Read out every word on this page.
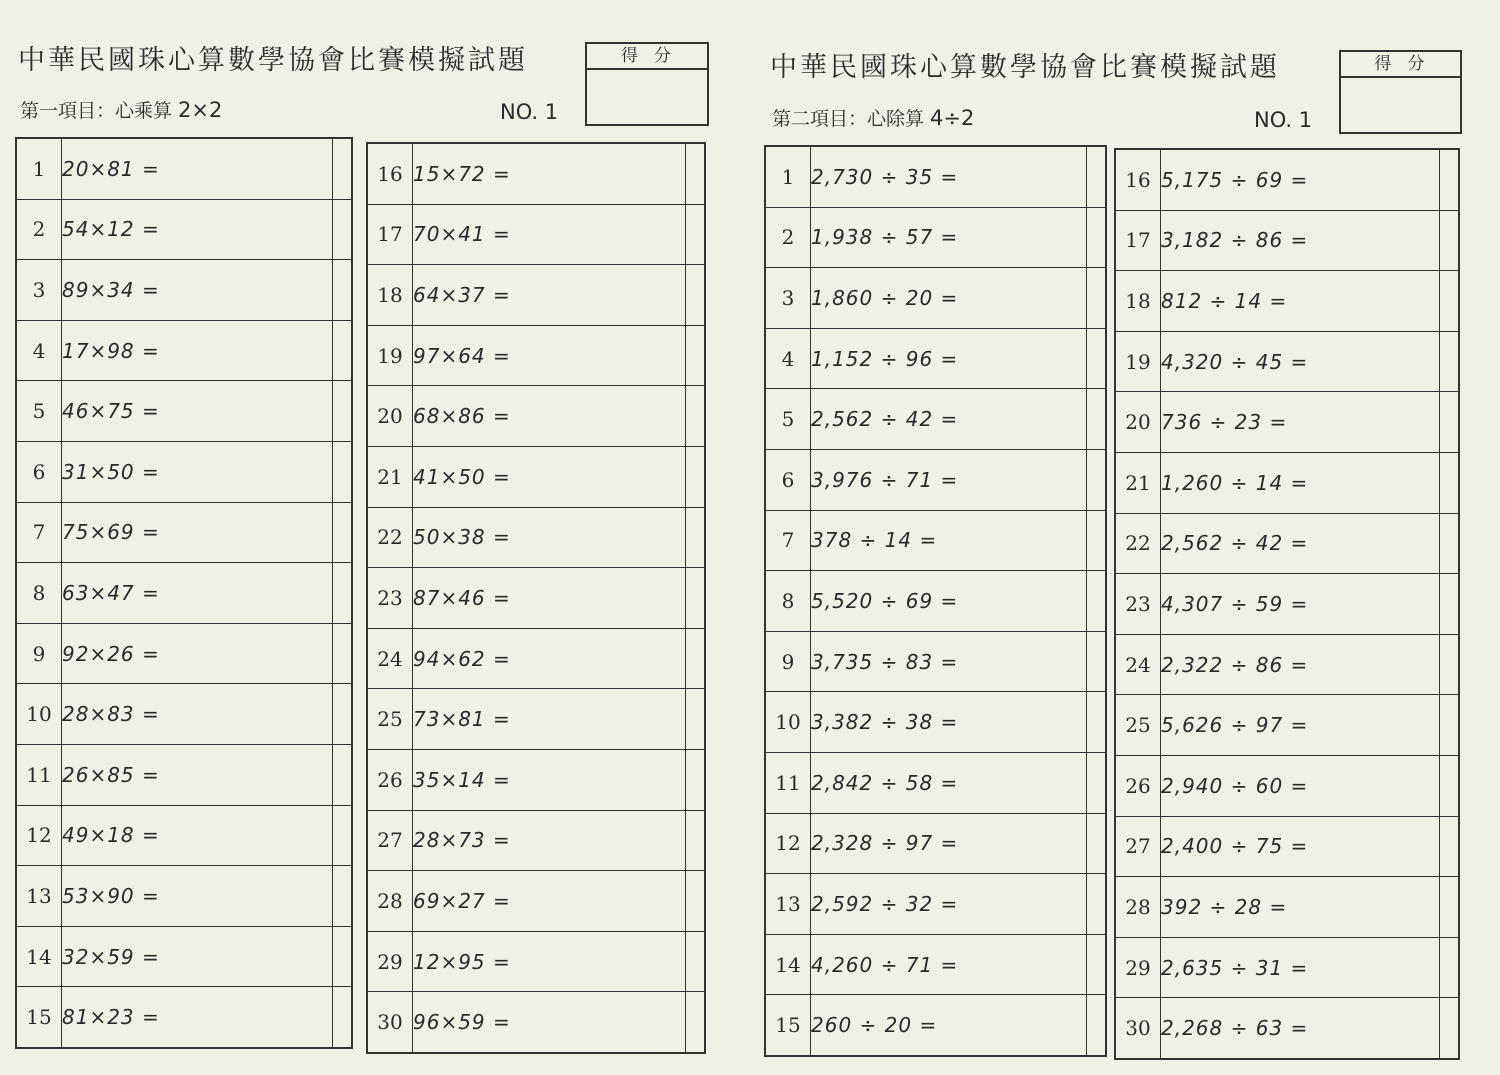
中華民國珠心算數學協會比賽模擬試題
第一項目：心乘算 2×2	NO. 1
得分
1	20×81 =	
2	54×12 =	
3	89×34 =	
4	17×98 =	
5	46×75 =	
6	31×50 =	
7	75×69 =	
8	63×47 =	
9	92×26 =	
10	28×83 =	
11	26×85 =	
12	49×18 =	
13	53×90 =	
14	32×59 =	
15	81×23 =	
16	15×72 =	
17	70×41 =	
18	64×37 =	
19	97×64 =	
20	68×86 =	
21	41×50 =	
22	50×38 =	
23	87×46 =	
24	94×62 =	
25	73×81 =	
26	35×14 =	
27	28×73 =	
28	69×27 =	
29	12×95 =	
30	96×59 =	
中華民國珠心算數學協會比賽模擬試題
第二項目：心除算 4÷2	NO. 1
得分
1	2,730 ÷ 35 =	
2	1,938 ÷ 57 =	
3	1,860 ÷ 20 =	
4	1,152 ÷ 96 =	
5	2,562 ÷ 42 =	
6	3,976 ÷ 71 =	
7	378 ÷ 14 =	
8	5,520 ÷ 69 =	
9	3,735 ÷ 83 =	
10	3,382 ÷ 38 =	
11	2,842 ÷ 58 =	
12	2,328 ÷ 97 =	
13	2,592 ÷ 32 =	
14	4,260 ÷ 71 =	
15	260 ÷ 20 =	
16	5,175 ÷ 69 =	
17	3,182 ÷ 86 =	
18	812 ÷ 14 =	
19	4,320 ÷ 45 =	
20	736 ÷ 23 =	
21	1,260 ÷ 14 =	
22	2,562 ÷ 42 =	
23	4,307 ÷ 59 =	
24	2,322 ÷ 86 =	
25	5,626 ÷ 97 =	
26	2,940 ÷ 60 =	
27	2,400 ÷ 75 =	
28	392 ÷ 28 =	
29	2,635 ÷ 31 =	
30	2,268 ÷ 63 =	
